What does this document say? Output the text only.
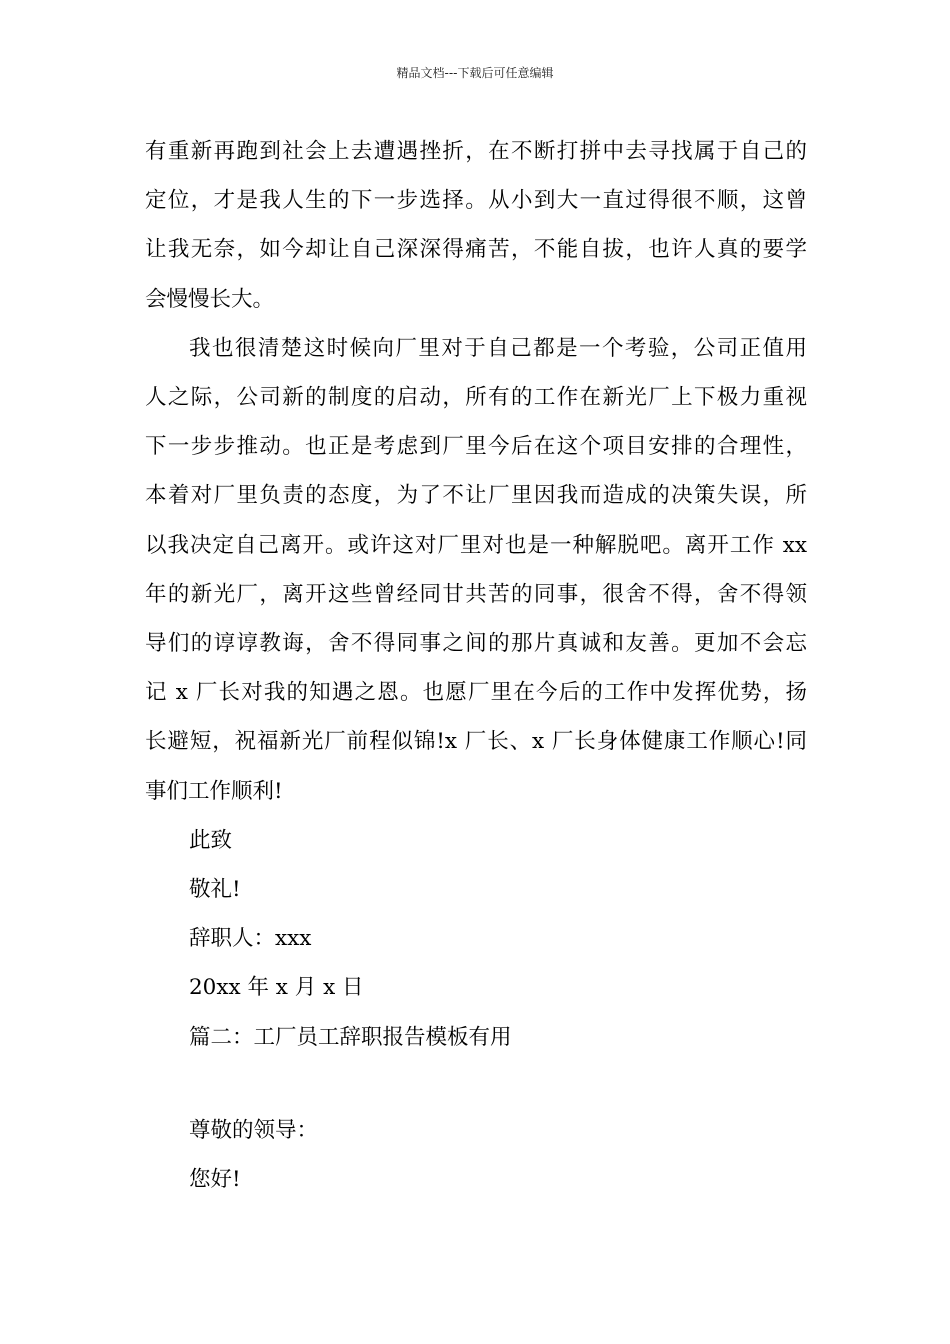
精品文档---下载后可任意编辑
有重新再跑到社会上去遭遇挫折，在不断打拼中去寻找属于自己的
定位，才是我人生的下一步选择。从小到大一直过得很不顺，这曾
让我无奈，如今却让自己深深得痛苦，不能自拔，也许人真的要学
会慢慢长大。
我也很清楚这时候向厂里对于自己都是一个考验，公司正值用
人之际，公司新的制度的启动，所有的工作在新光厂上下极力重视
下一步步推动。也正是考虑到厂里今后在这个项目安排的合理性，
本着对厂里负责的态度，为了不让厂里因我而造成的决策失误，所
以我决定自己离开。或许这对厂里对也是一种解脱吧。离开工作 xx
年的新光厂，离开这些曾经同甘共苦的同事，很舍不得，舍不得领
导们的谆谆教诲，舍不得同事之间的那片真诚和友善。更加不会忘
记 x 厂长对我的知遇之恩。也愿厂里在今后的工作中发挥优势，扬
长避短，祝福新光厂前程似锦!x 厂长、x 厂长身体健康工作顺心!同
事们工作顺利!
此致
敬礼!
辞职人：xxx
20xx 年 x 月 x 日
篇二：工厂员工辞职报告模板有用
尊敬的领导：
您好!
